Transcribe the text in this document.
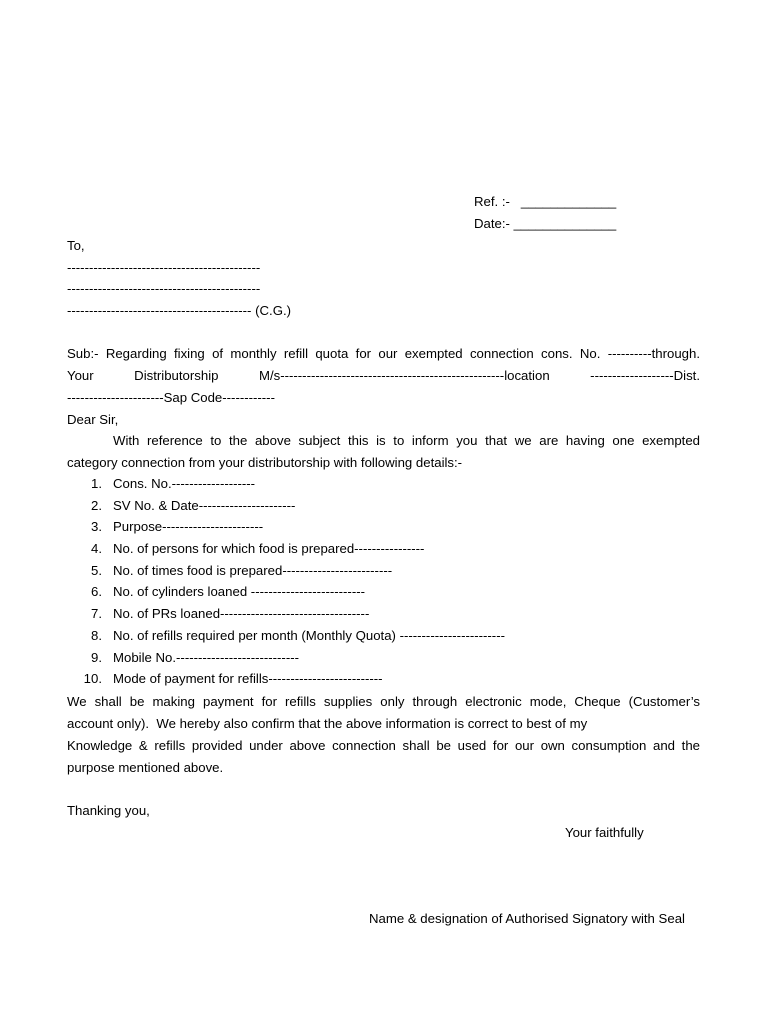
Ref. :-   _____________
Date:- ______________
To,
--------------------------------------------
--------------------------------------------
------------------------------------------ (C.G.)
Sub:- Regarding fixing of monthly refill quota for our exempted connection cons. No. ----------through.
Your Distributorship M/s---------------------------------------------------location -------------------Dist.
----------------------Sap Code------------
Dear Sir,
With reference to the above subject this is to inform you that we are having one exempted
category connection from your distributorship with following details:-
1. Cons. No.-------------------
2. SV No. & Date----------------------
3. Purpose-----------------------
4. No. of persons for which food is prepared----------------
5. No. of times food is prepared-------------------------
6. No. of cylinders loaned --------------------------
7. No. of PRs loaned----------------------------------
8. No. of refills required per month (Monthly Quota) ------------------------
9. Mobile No.----------------------------
10. Mode of payment for refills--------------------------
We shall be making payment for refills supplies only through electronic mode, Cheque (Customer’s
account only).  We hereby also confirm that the above information is correct to best of my
Knowledge & refills provided under above connection shall be used for our own consumption and the
purpose mentioned above.
Thanking you,
Your faithfully
Name & designation of Authorised Signatory with Seal
